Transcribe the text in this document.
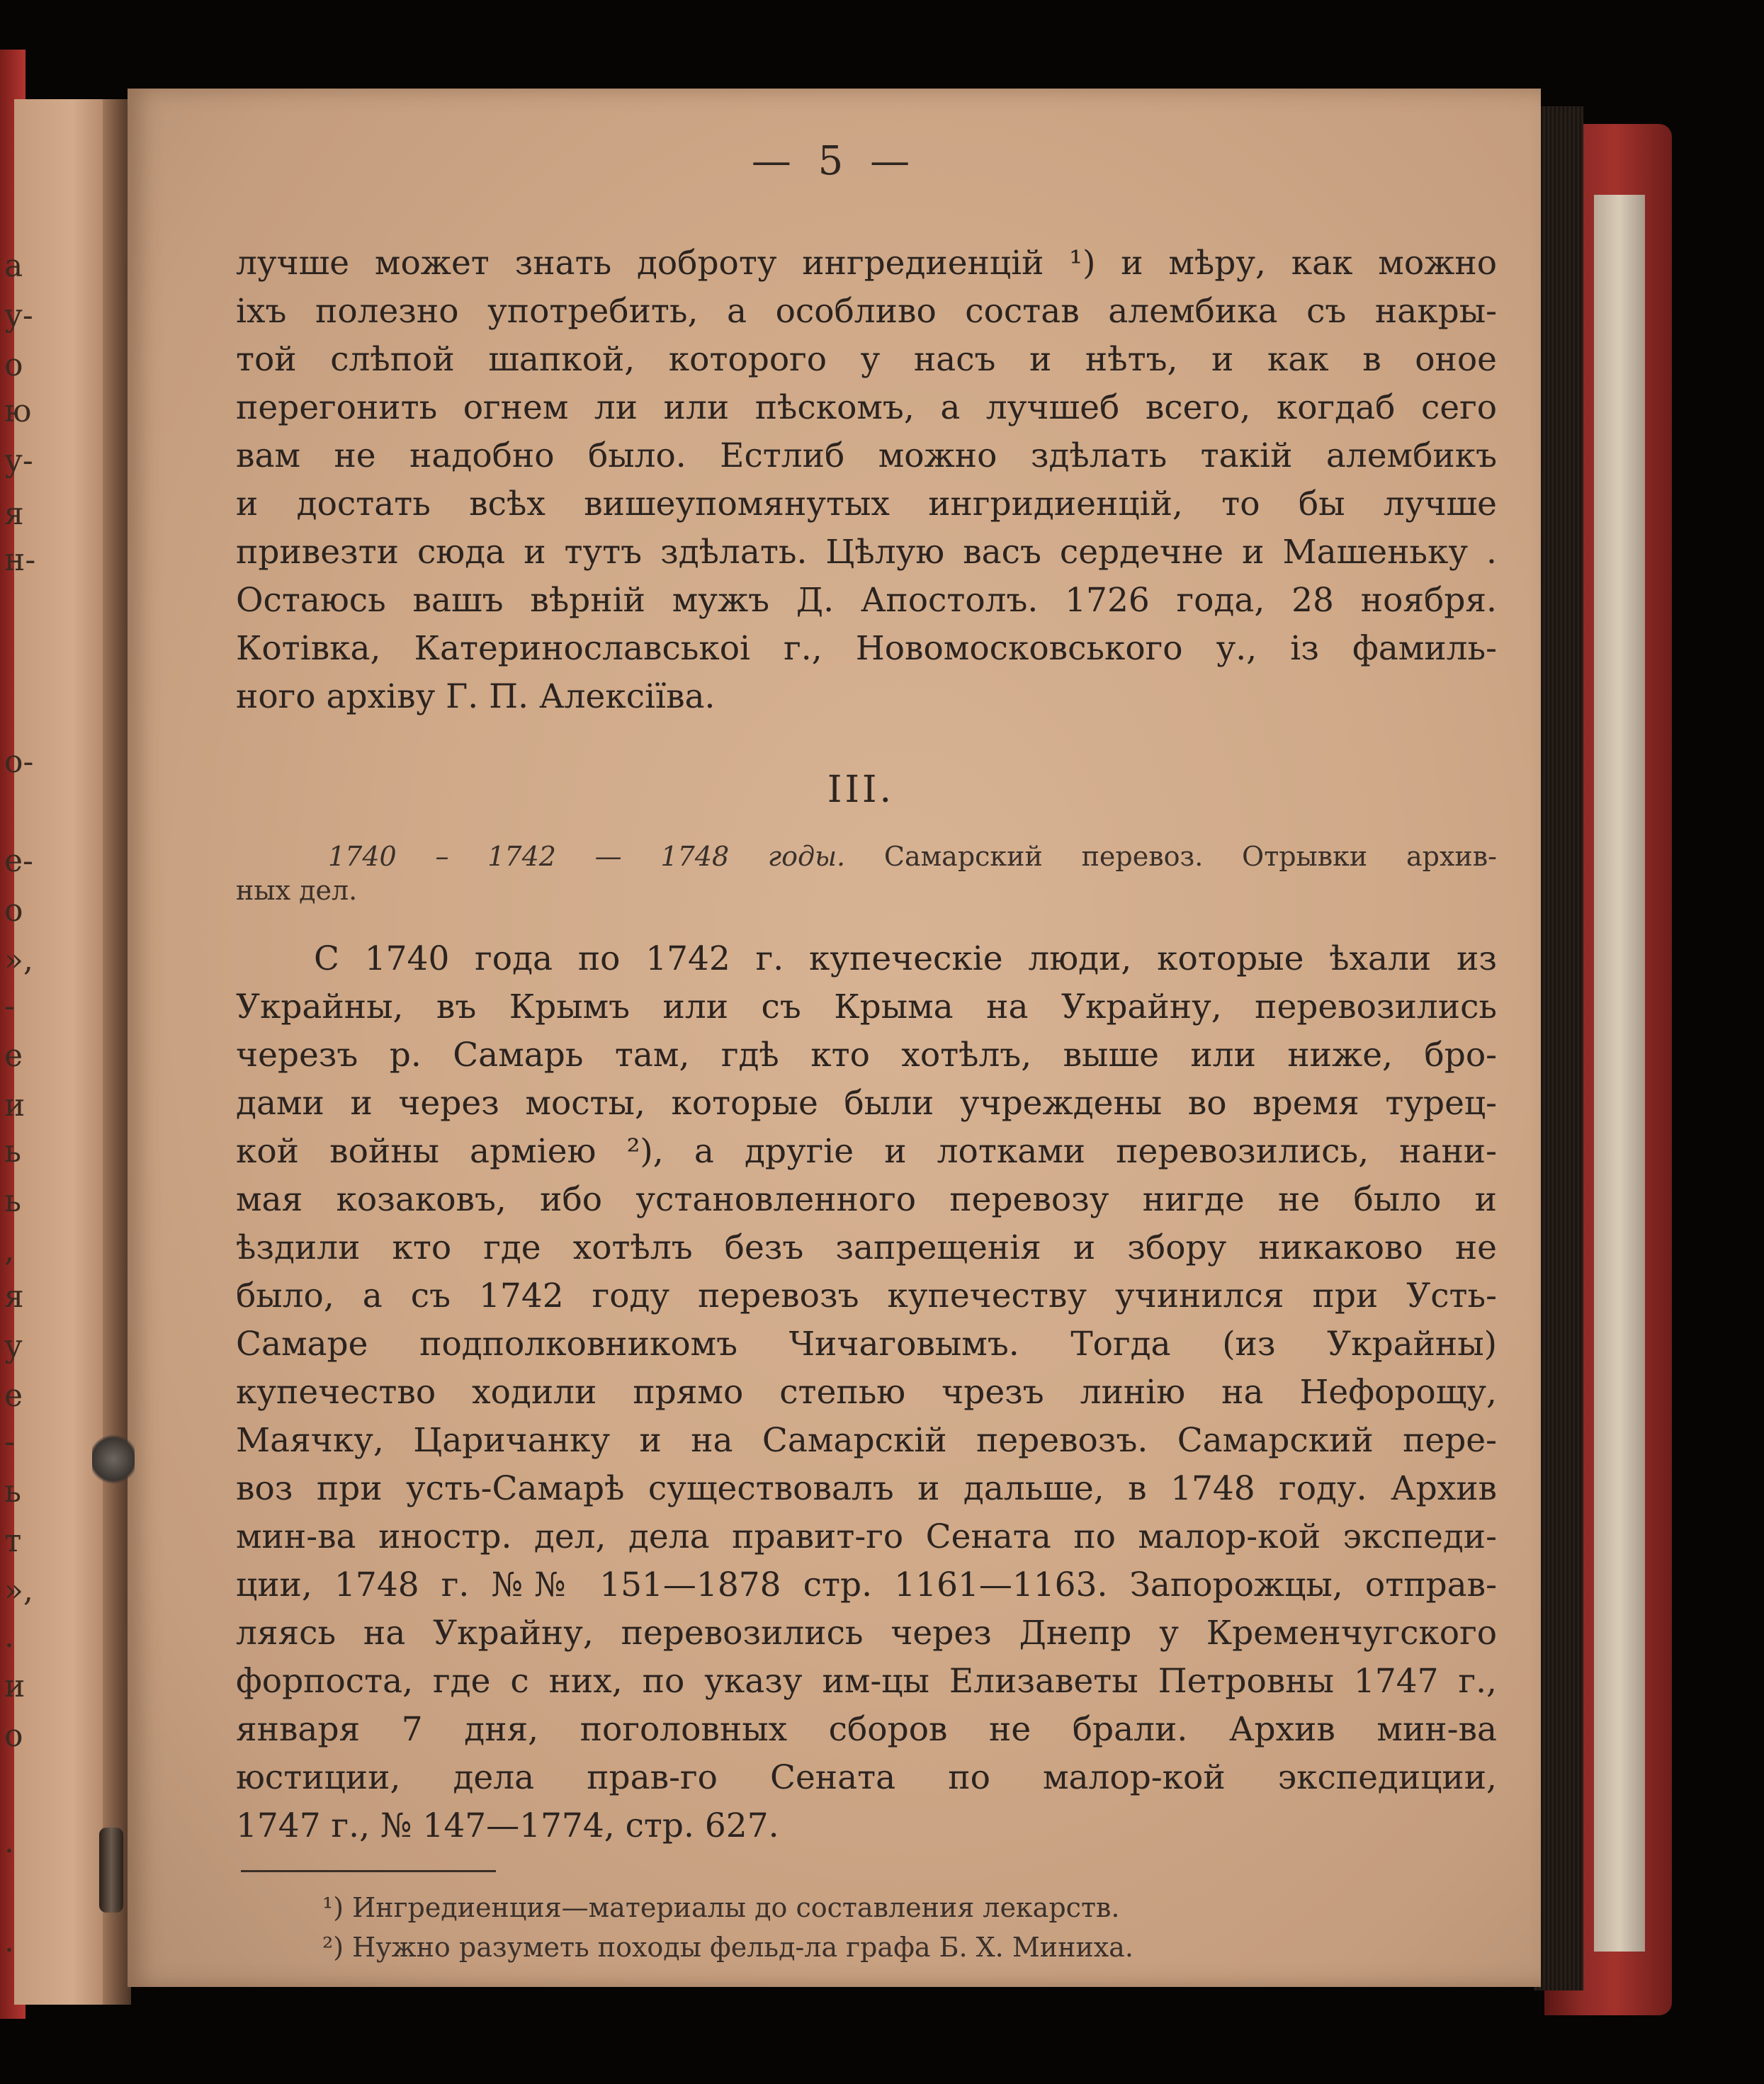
а
у-
о
ю
у-
я
н-
о-
е-
о
»,
-
е
и
ь
ь
,
я
у
е
-
ь
т
»,
.
и
о
.
.
— 5 —
лучше может знать доброту ингредиенцій ¹) и мѣру, как можно
іхъ полезно употребить, а особливо состав алембика съ накры-
той слѣпой шапкой, которого у насъ и нѣтъ, и как в оное
перегонить огнем ли или пѣскомъ, а лучшеб всего, когдаб сего
вам не надобно было. Естлиб можно здѣлать такій алембикъ
и достать всѣх вишеупомянутых ингридиенцій, то бы лучше
привезти сюда и тутъ здѣлать. Цѣлую васъ сердечне и Машеньку .
Остаюсь вашъ вѣрній мужъ Д. Апостолъ. 1726 года, 28 ноября.
Котівка, Катеринославськоі г., Новомосковського у., із фамиль-
ного архіву Г. П. Алексіїва.
III.
1740 – 1742 — 1748 годы. Самарский перевоз. Отрывки архив-
ных дел.
С 1740 года по 1742 г. купеческіе люди, которые ѣхали из
Украйны, въ Крымъ или съ Крыма на Украйну, перевозились
черезъ р. Самарь там, гдѣ кто хотѣлъ, выше или ниже, бро-
дами и через мосты, которые были учреждены во время турец-
кой войны арміею ²), а другіе и лотками перевозились, нани-
мая козаковъ, ибо установленного перевозу нигде не было и
ѣздили кто где хотѣлъ безъ запрещенія и збору никаково не
было, а съ 1742 году перевозъ купечеству учинился при Усть-
Самаре подполковникомъ Чичаговымъ. Тогда (из Украйны)
купечество ходили прямо степью чрезъ линію на Нефорощу,
Маячку, Царичанку и на Самарскій перевозъ. Самарский пере-
воз при усть-Самарѣ существовалъ и дальше, в 1748 году. Архив
мин-ва иностр. дел, дела правит-го Сената по малор-кой экспеди-
ции, 1748 г. №№ 151—1878 стр. 1161—1163. Запорожцы, отправ-
ляясь на Украйну, перевозились через Днепр у Кременчугского
форпоста, где с них, по указу им-цы Елизаветы Петровны 1747 г.,
января 7 дня, поголовных сборов не брали. Архив мин-ва
юстиции, дела прав-го Сената по малор-кой экспедиции,
1747 г., № 147—1774, стр. 627.
¹) Ингредиенция—материалы до составления лекарств.
²) Нужно разуметь походы фельд-ла графа Б. Х. Миниха.
